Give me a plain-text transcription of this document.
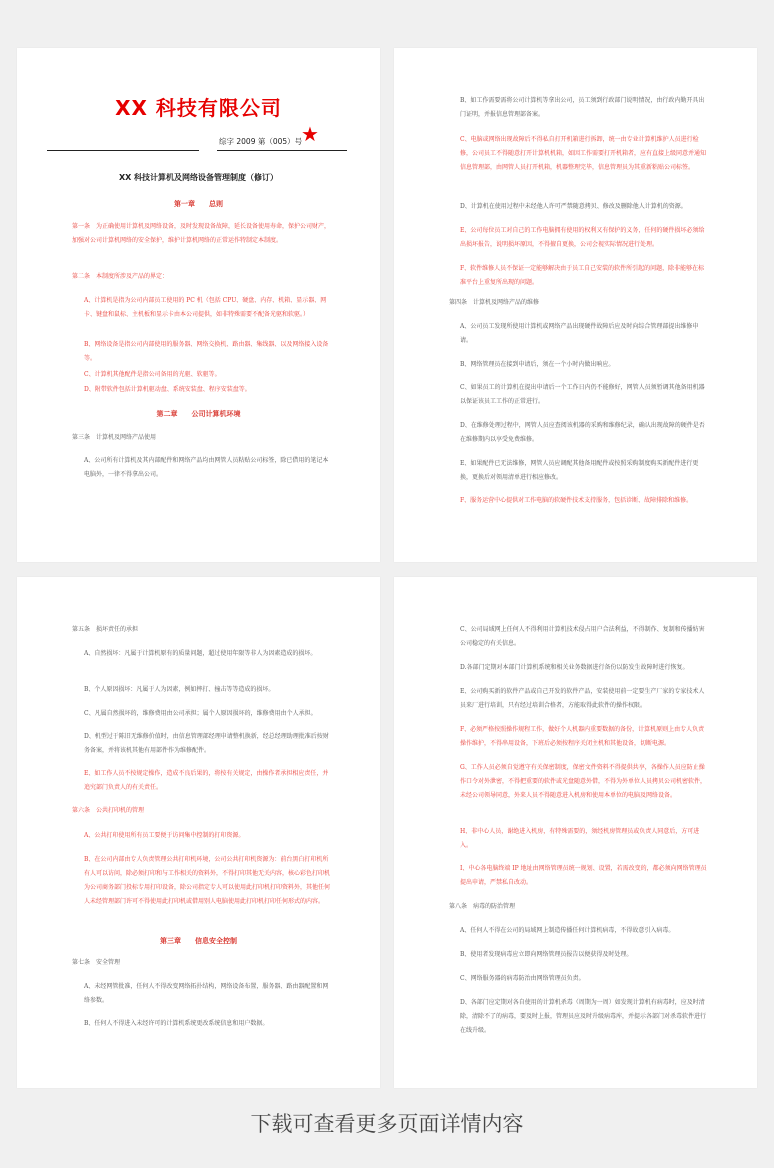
XX 科技有限公司
综字 2009 第（005）号
★
XX 科技计算机及网络设备管理制度（修订）
第一章　　总则
第一条　为正确使用计算机及网络设备，及时发现设备故障，延长设备使用寿命，保护公司财产，加强对公司计算机网络的安全保护，维护计算机网络的正常运作特制定本制度。
第二条　本制度所涉及产品的界定：
A、计算机是指为公司内部员工使用的 PC 机（包括 CPU、硬盘、内存、机箱、显示器、网卡、键盘和鼠标、主机板和显示卡由本公司提供，如非特殊需要不配备光驱和软驱。）
B、网络设备是指公司内部使用的服务器、网络交换机、路由器、集线器、以及网络接入设备等。
C、计算机其他配件是指公司备用的光驱、软驱等。
D、附带软件包括计算机驱动盘、系统安装盘、程序安装盘等。
第二章　　公司计算机环境
第三条　计算机及网络产品使用
A、公司所有计算机及其内部配件和网络产品均由网管人员粘贴公司标签，除已借用的笔记本电脑外，一律不得拿出公司。
B、如工作需要需将公司计算机等拿出公司，员工须到行政部门说明情况，由行政内勤开具出门证明，并报信息管理部备案。
C、电脑或网络出现故障后不得私自打开机箱进行拆卸，统一由专业计算机维护人员进行检修，公司员工不得随意打开计算机机箱，如因工作需要打开机箱者，应有直接上级同意并通知信息管理部，由网管人员打开机箱，机器整理完毕，信息管理员为其重新粘贴公司标签。
D、计算机在使用过程中未经他人许可严禁随意拷贝、修改及删除他人计算机的资源。
E、公司每位员工对自己的工作电脑拥有使用的权利又有保护的义务，任何的硬件损坏必须给出损坏报告，说明损坏原因，不得擅自更换，公司会视实际情况进行处理。
F、软件维修人员不保证一定能够解决由于员工自己安装的软件所引起的问题，除非能够在标准平台上重复所出现的问题。
第四条　计算机及网络产品的维修
A、公司员工发现所使用计算机或网络产品出现硬件故障后应及时向综合管理部提出维修申请。
B、网络管理员在接到申请后，须在一个小时内做出响应。
C、如果员工的计算机在提出申请后一个工作日内仍不能修好，网管人员须暂调其他备用机器以保证该员工工作的正常进行。
D、在维修处理过程中，网管人员应查阅该机器的采购和维修纪录，确认出现故障的硬件是否在维修期内以享受免费维修。
E、如果配件已无法维修，网管人员应调配其他备用配件或按照采购制度购买新配件进行更换，更换后对领用清单进行相应修改。
F、服务运营中心提供对工作电脑的软硬件技术支持服务，包括诊断、故障排除和维修。
第五条　损坏责任的承担
A、自然损坏：凡属于计算机原有的质量问题，超过使用年限等非人为因素造成的损坏。
B、个人原因损坏：凡属于人为因素，例如摔打、撞击等等造成的损坏。
C、凡属自然损坏的，维修费用由公司承担；属个人原因损坏的，维修费用由个人承担。
D、机型过于陈旧无维修价值时，由信息管理部经理申请整机换新，经总经理助理批准后按财务备案，并将该机其他有用部件作为维修配件。
E、如工作人员不按规定操作，造成不良后果的，将按有关规定，由操作者承担相应责任，并追究部门负责人的有关责任。
第六条　公共打印机的管理
A、公共打印使用所有员工要便于访问集中控制的打印资源。
B、在公司内部由专人负责管理公共打印机环境，公司公共打印机资源为：前台黑白打印机所有人可以访问，除必须打印和与工作相关的资料外，不得打印其他无关内容，核心彩色打印机为公司商务部门投标专用打印设备，除公司指定专人可以使用此打印机打印资料外，其他任何人未经管理部门许可不得使用此打印机或借用别人电脑使用此打印机打印任何形式的内容。
第三章　　信息安全控制
第七条　安全管理
A、未经网管批准，任何人不得改变网络拓扑结构，网络设备布置，服务器、路由器配置和网络参数。
B、任何人不得进入未经许可的计算机系统更改系统信息和用户数据。
C、公司局域网上任何人不得利用计算机技术侵占用户合法利益，不得制作、复制和传播妨害公司稳定的有关信息。
D.各部门定期对本部门计算机系统和相关业务数据进行备份以防发生故障时进行恢复。
E、公司购买新的软件产品或自己开发的软件产品，安装使用前一定要生产厂家的专家技术人员来厂进行培训，只有经过培训合格者，方能取得此软件的操作权限。
F、必须严格按照操作规程工作，做好个人机器内重要数据的备份，计算机原则上由专人负责操作维护，不得串用设备，下班后必须按程序关闭主机和其他设备，切断电源。
G、工作人员必须自觉遵守有关保密制度，保密文件资料不得提供共享，各操作人员应防止操作口令对外泄密，不得把重要的软件或光盘随意外借，不得为外单位人员拷贝公司机密软件，未经公司领导同意，外来人员不得随意进入机房和使用本单位的电脑及网络设备。
H、非中心人员，谢绝进入机房，有特殊需要的，须经机房管理员或负责人同意后，方可进入。
I、中心各电脑终端 IP 地址由网络管理员统一规划、设置，若需改变的，都必须向网络管理员提出申请，严禁私自改动。
第八条　病毒的防治管理
A、任何人不得在公司的局域网上制造传播任何计算机病毒，不得故意引入病毒。
B、使用者发现病毒应立即向网络管理员报告以便获得及时处理。
C、网络服务器的病毒防治由网络管理员负责。
D、各部门应定期对各自使用的计算机杀毒（周期为一周）如发现计算机有病毒时，应及时清除，清除不了的病毒，要及时上报，管理员应及时升级病毒库，并提示各部门对杀毒软件进行在线升级。
下载可查看更多页面详情内容
